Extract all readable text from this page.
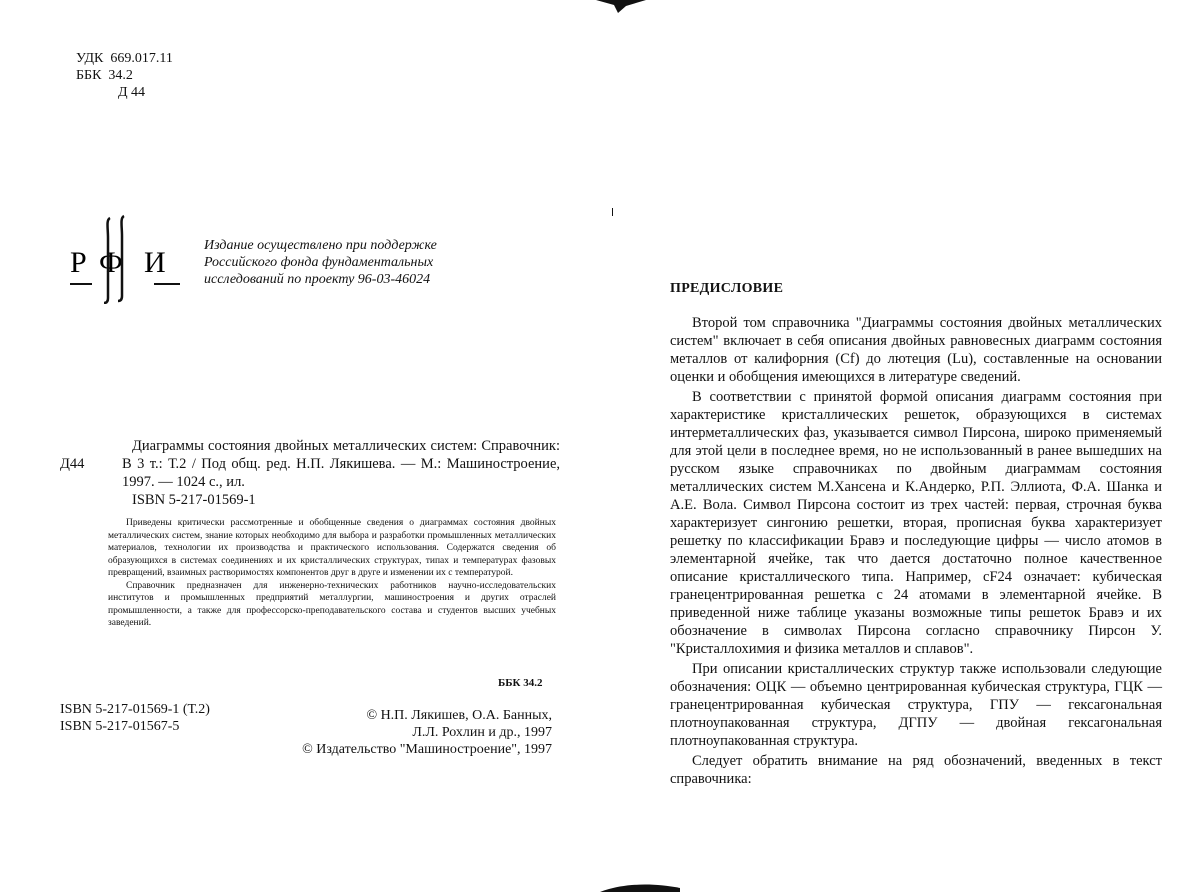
УДК  669.017.11
ББК  34.2
Д 44
Р Ф И
Издание осуществлено при поддержке
Российского фонда фундаментальных
исследований по проекту 96-03-46024
Д44

Диаграммы состояния двойных металлических систем: Справочник: В 3 т.: Т.2 / Под общ. ред. Н.П. Лякишева. — М.: Машиностроение, 1997. — 1024 с., ил.

ISBN 5-217-01569-1

Приведены критически рассмотренные и обобщенные сведения о диаграммах состояния двойных металлических систем, знание которых необходимо для выбора и разработки промышленных металлических материалов, технологии их производства и практического использования. Содержатся сведения об образующихся в системах соединениях и их кристаллических структурах, типах и температурах фазовых превращений, взаимных растворимостях компонентов друг в друге и изменении их с температурой.

Справочник предназначен для инженерно-технических работников научно-исследовательских институтов и промышленных предприятий металлургии, машиностроения и других отраслей промышленности, а также для профессорско-преподавательского состава и студентов высших учебных заведений.

ББК 34.2
ISBN 5-217-01569-1 (Т.2)
ISBN 5-217-01567-5
© Н.П. Лякишев, О.А. Банных,
Л.Л. Рохлин и др., 1997
© Издательство "Машиностроение", 1997
ПРЕДИСЛОВИЕ

Второй том справочника "Диаграммы состояния двойных металлических систем" включает в себя описания двойных равновесных диаграмм состояния металлов от калифорния (Cf) до лютеция (Lu), составленные на основании оценки и обобщения имеющихся в литературе сведений.

В соответствии с принятой формой описания диаграмм состояния при характеристике кристаллических решеток, образующихся в системах интерметаллических фаз, указывается символ Пирсона, широко применяемый для этой цели в последнее время, но не использованный в ранее вышедших на русском языке справочниках по двойным диаграммам состояния металлических систем М.Хансена и К.Андерко, Р.П. Эллиота, Ф.А. Шанка и А.Е. Вола. Символ Пирсона состоит из трех частей: первая, строчная буква характеризует сингонию решетки, вторая, прописная буква характеризует решетку по классификации Бравэ и последующие цифры — число атомов в элементарной ячейке, так что дается достаточно полное качественное описание кристаллического типа. Например, cF24 означает: кубическая гранецентрированная решетка с 24 атомами в элементарной ячейке. В приведенной ниже таблице указаны возможные типы решеток Бравэ и их обозначение в символах Пирсона согласно справочнику Пирсон У. "Кристаллохимия и физика металлов и сплавов".

При описании кристаллических структур также использовали следующие обозначения: ОЦК — объемно центрированная кубическая структура, ГЦК — гранецентрированная кубическая структура, ГПУ — гексагональная плотноупакованная структура, ДГПУ — двойная гексагональная плотноупакованная структура.

Следует обратить внимание на ряд обозначений, введенных в текст справочника:
